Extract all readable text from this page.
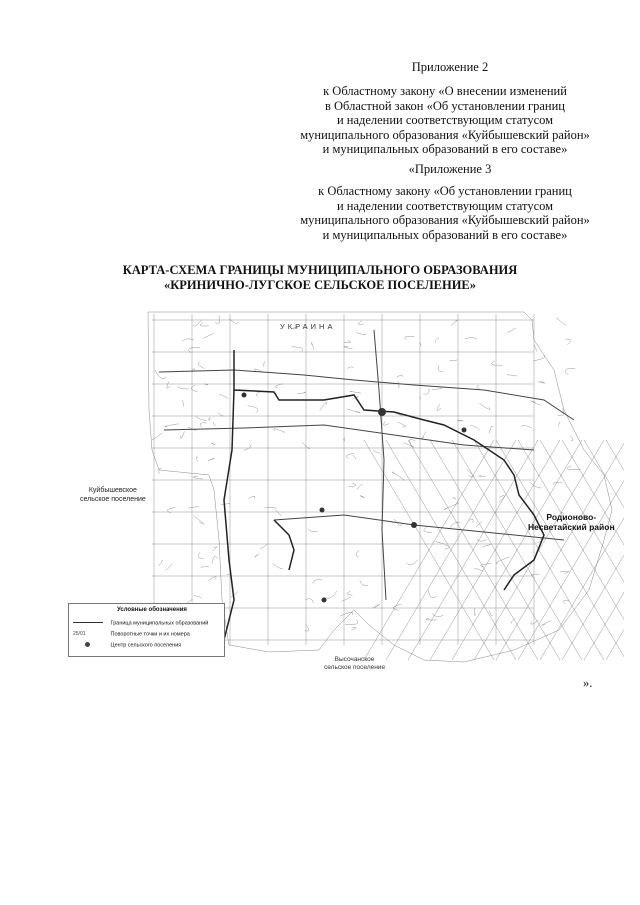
Приложение 2
к Областному закону «О внесении изменений
в Областной закон «Об установлении границ
и наделении соответствующим статусом
муниципального образования «Куйбышевский район»
и муниципальных образований в его составе»
«Приложение 3
к Областному закону «Об установлении границ
и наделении соответствующим статусом
муниципального образования «Куйбышевский район»
и муниципальных образований в его составе»
КАРТА-СХЕМА ГРАНИЦЫ МУНИЦИПАЛЬНОГО ОБРАЗОВАНИЯ
«КРИНИЧНО-ЛУГСКОЕ СЕЛЬСКОЕ ПОСЕЛЕНИЕ»
УКРАИНА
Куйбышевское
сельское поселение
Родионово-
Несветайский район
Высочанское
сельское поселение
Условные обозначения
Граница муниципальных образований
25/01	Поворотные точки и их номера
Центр сельского поселения
».
